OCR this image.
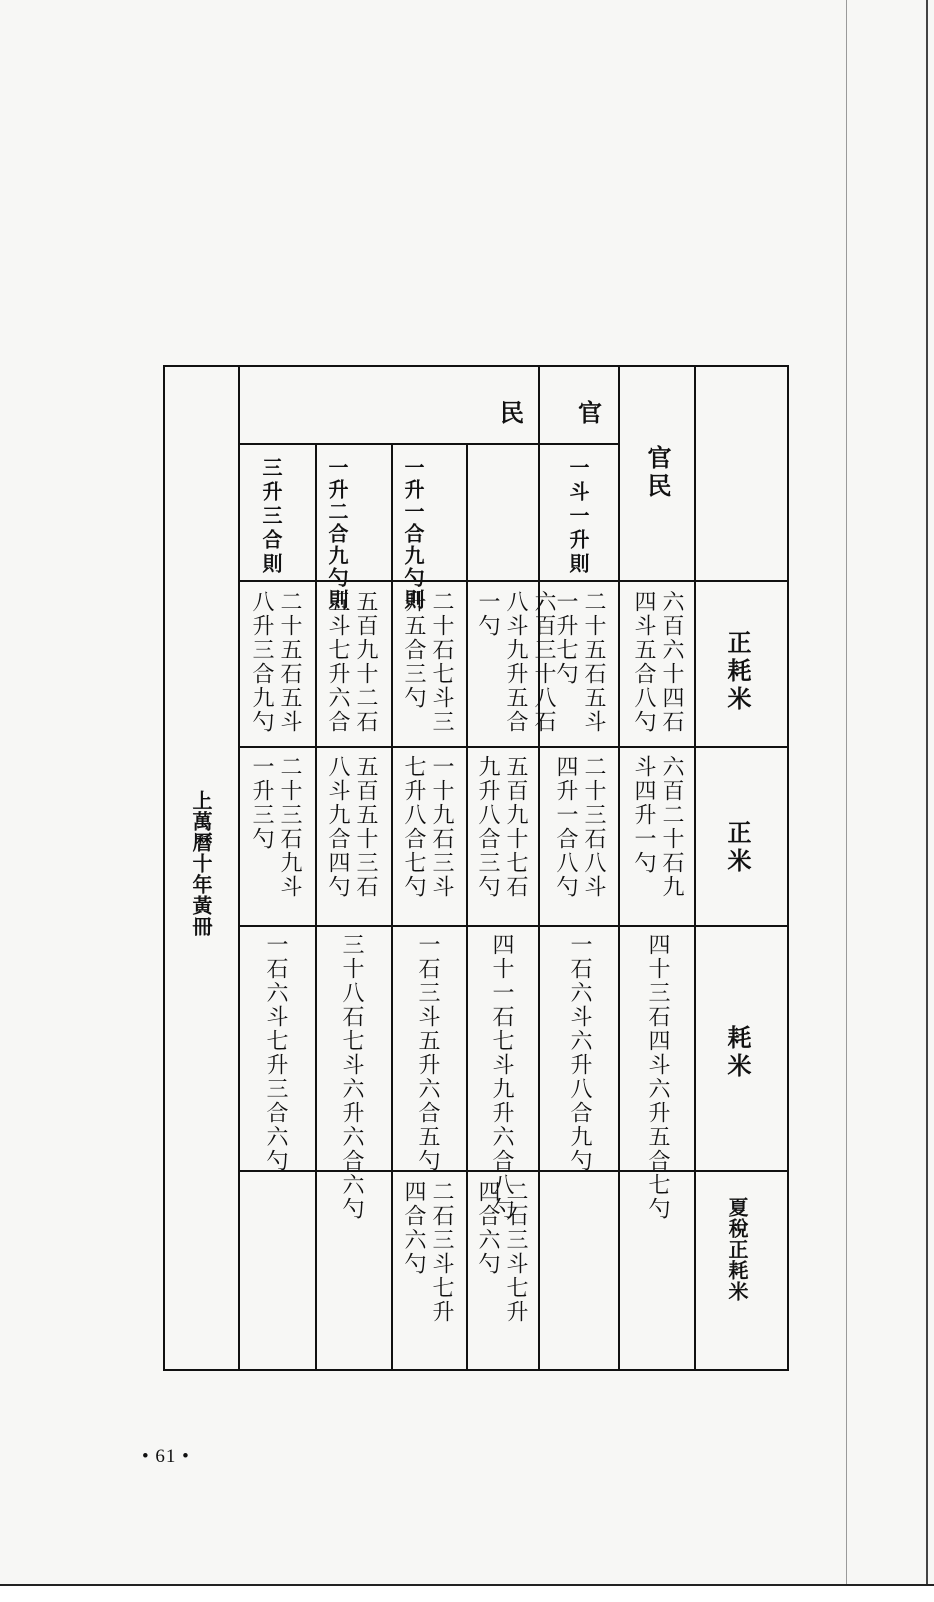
上萬曆十年黃冊
民 官
官民
一斗一升則
一升一合九勺則
一升二合九勺則
三升三合則
正耗米
正米
耗米
夏稅正耗米
六百六十四石四斗五合八勺
二十五石五斗一升七勺
六百三十八石八斗九升五合一勺
二十石七斗三升五合三勺
五百九十二石五斗七升六合
二十五石五斗八升三合九勺
六百二十石九斗四升一勺
二十三石八斗四升一合八勺
五百九十七石九升八合三勺
一十九石三斗七升八合七勺
五百五十三石八斗九合四勺
二十三石九斗一升三勺
四十三石四斗六升五合七勺
一石六斗六升八合九勺
四十一石七斗九升六合八勺
一石三斗五升六合五勺
三十八石七斗六升六合六勺
一石六斗七升三合六勺
二石三斗七升四合六勺
二石三斗七升四合六勺
• 61 •
